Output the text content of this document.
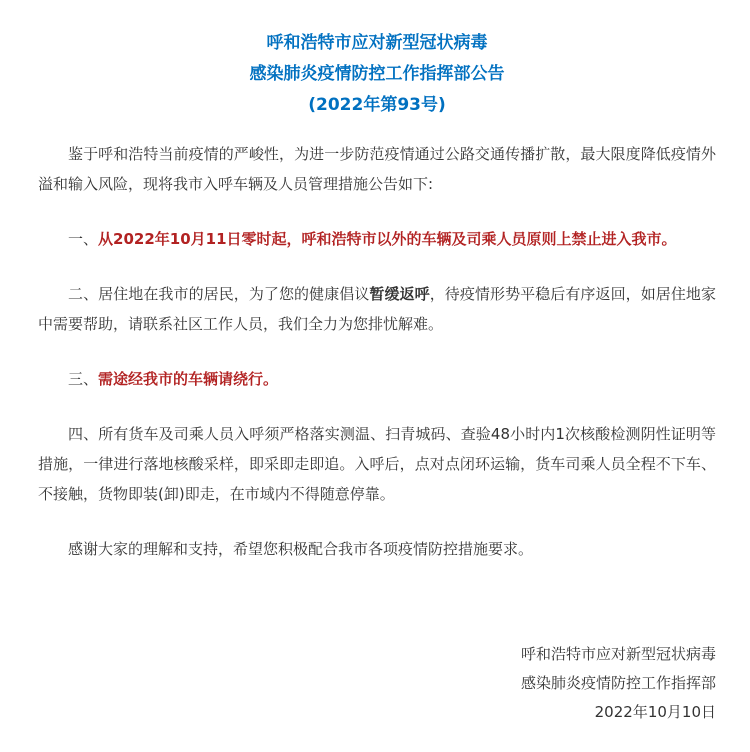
呼和浩特市应对新型冠状病毒
感染肺炎疫情防控工作指挥部公告
(2022年第93号)

鉴于呼和浩特当前疫情的严峻性，为进一步防范疫情通过公路交通传播扩散，最大限度降低疫情外溢和输入风险，现将我市入呼车辆及人员管理措施公告如下:

一、从2022年10月11日零时起，呼和浩特市以外的车辆及司乘人员原则上禁止进入我市。

二、居住地在我市的居民，为了您的健康倡议暂缓返呼，待疫情形势平稳后有序返回，如居住地家中需要帮助，请联系社区工作人员，我们全力为您排忧解难。

三、需途经我市的车辆请绕行。

四、所有货车及司乘人员入呼须严格落实测温、扫青城码、查验48小时内1次核酸检测阴性证明等措施，一律进行落地核酸采样，即采即走即追。入呼后，点对点闭环运输，货车司乘人员全程不下车、不接触，货物即装(卸)即走，在市域内不得随意停靠。

感谢大家的理解和支持，希望您积极配合我市各项疫情防控措施要求。

呼和浩特市应对新型冠状病毒
感染肺炎疫情防控工作指挥部
2022年10月10日
